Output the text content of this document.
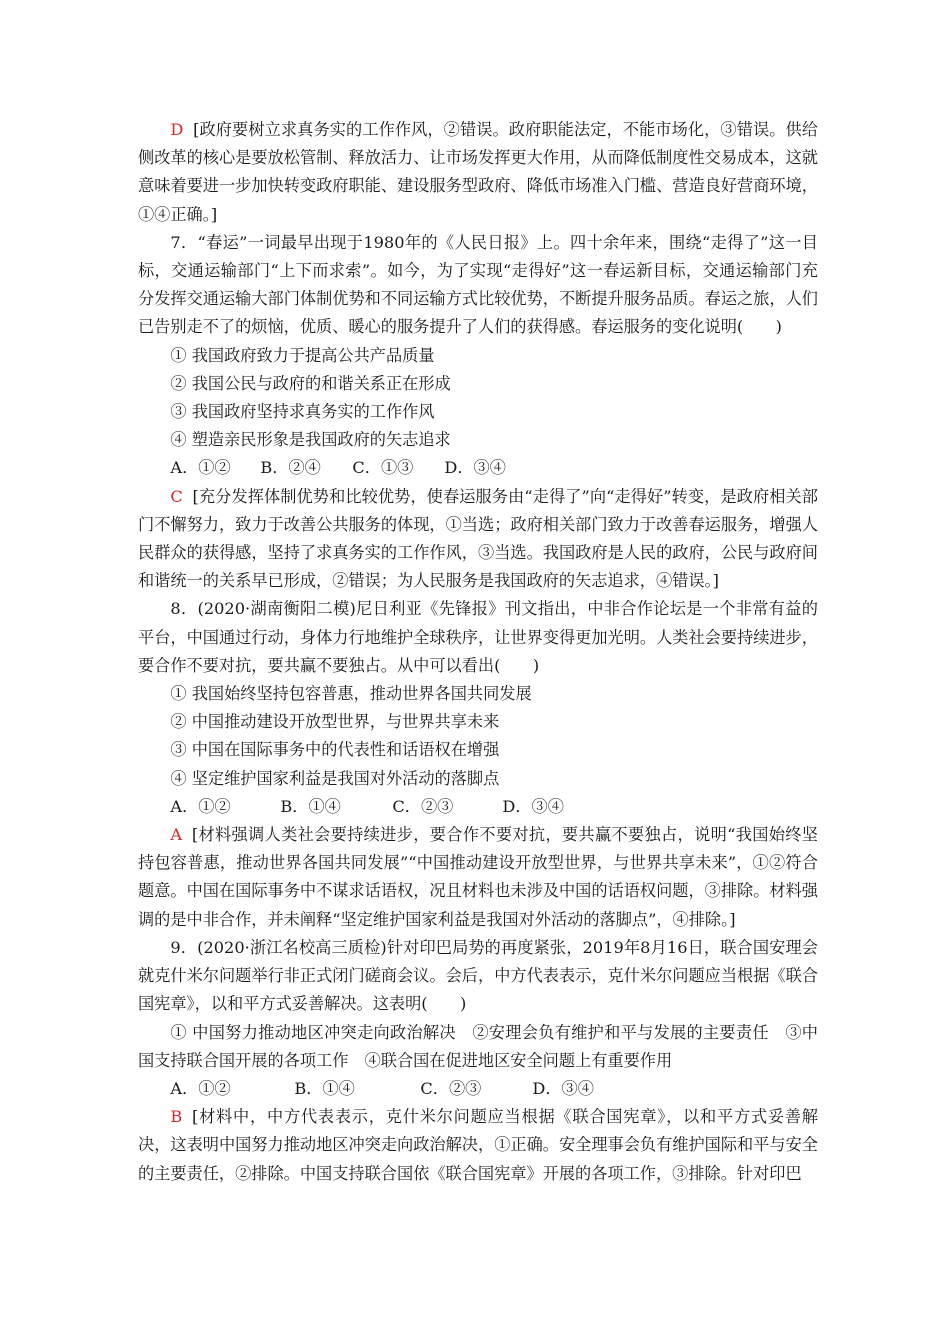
D [政府要树立求真务实的工作作风，②错误。政府职能法定，不能市场化，③错误。供给侧改革的核心是要放松管制、释放活力、让市场发挥更大作用，从而降低制度性交易成本，这就意味着要进一步加快转变政府职能、建设服务型政府、降低市场准入门槛、营造良好营商环境，①④正确。]

7．“春运”一词最早出现于1980年的《人民日报》上。四十余年来，围绕“走得了”这一目标，交通运输部门“上下而求索”。如今，为了实现“走得好”这一春运新目标，交通运输部门充分发挥交通运输大部门体制优势和不同运输方式比较优势，不断提升服务品质。春运之旅，人们已告别走不了的烦恼，优质、暖心的服务提升了人们的获得感。春运服务的变化说明(　　)

① 我国政府致力于提高公共产品质量

② 我国公民与政府的和谐关系正在形成

③ 我国政府坚持求真务实的工作作风

④ 塑造亲民形象是我国政府的矢志追求

A．①② B．②④ C．①③ D．③④

C [充分发挥体制优势和比较优势，使春运服务由“走得了”向“走得好”转变，是政府相关部门不懈努力，致力于改善公共服务的体现，①当选；政府相关部门致力于改善春运服务，增强人民群众的获得感，坚持了求真务实的工作作风，③当选。我国政府是人民的政府，公民与政府间和谐统一的关系早已形成，②错误；为人民服务是我国政府的矢志追求，④错误。]

8．(2020·湖南衡阳二模)尼日利亚《先锋报》刊文指出，中非合作论坛是一个非常有益的平台，中国通过行动，身体力行地维护全球秩序，让世界变得更加光明。人类社会要持续进步，要合作不要对抗，要共赢不要独占。从中可以看出(　　)

① 我国始终坚持包容普惠，推动世界各国共同发展

② 中国推动建设开放型世界，与世界共享未来

③ 中国在国际事务中的代表性和话语权在增强

④ 坚定维护国家利益是我国对外活动的落脚点

A．①②	B．①④	C．②③	D．③④

A [材料强调人类社会要持续进步，要合作不要对抗，要共赢不要独占，说明“我国始终坚持包容普惠，推动世界各国共同发展”“中国推动建设开放型世界，与世界共享未来”，①②符合题意。中国在国际事务中不谋求话语权，况且材料也未涉及中国的话语权问题，③排除。材料强调的是中非合作，并未阐释“坚定维护国家利益是我国对外活动的落脚点”，④排除。]

9．(2020·浙江名校高三质检)针对印巴局势的再度紧张，2019年8月16日，联合国安理会就克什米尔问题举行非正式闭门磋商会议。会后，中方代表表示，克什米尔问题应当根据《联合国宪章》，以和平方式妥善解决。这表明(　　)

① 中国努力推动地区冲突走向政治解决　②安理会负有维护和平与发展的主要责任　③中国支持联合国开展的各项工作　④联合国在促进地区安全问题上有重要作用

A．①②	B．①④	C．②③	D．③④

B [材料中，中方代表表示，克什米尔问题应当根据《联合国宪章》，以和平方式妥善解决，这表明中国努力推动地区冲突走向政治解决，①正确。安全理事会负有维护国际和平与安全的主要责任，②排除。中国支持联合国依《联合国宪章》开展的各项工作，③排除。针对印巴
